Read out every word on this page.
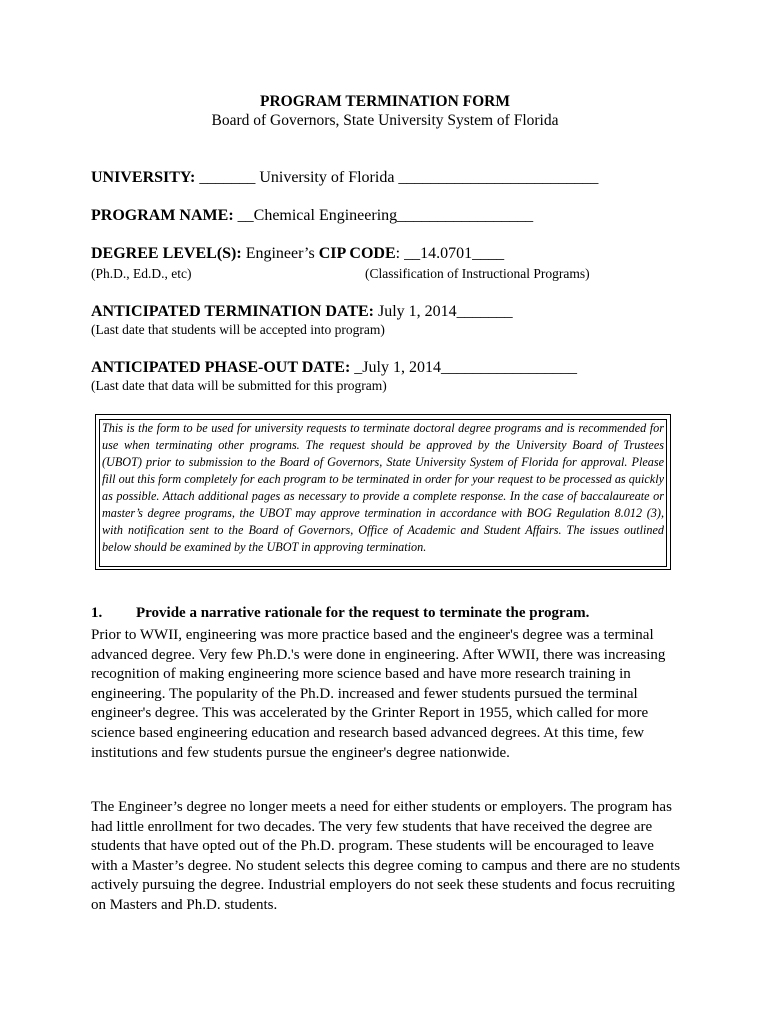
PROGRAM TERMINATION FORM
Board of Governors, State University System of Florida
UNIVERSITY: _______ University of Florida _________________________
PROGRAM NAME: __Chemical Engineering_________________
DEGREE LEVEL(S): Engineer’s CIP CODE: __14.0701____
(Ph.D., Ed.D., etc)	(Classification of Instructional Programs)
ANTICIPATED TERMINATION DATE: July 1, 2014_______
(Last date that students will be accepted into program)
ANTICIPATED PHASE-OUT DATE: _July 1, 2014_________________
(Last date that data will be submitted for this program)
This is the form to be used for university requests to terminate doctoral degree programs and is recommended for use when terminating other programs. The request should be approved by the University Board of Trustees (UBOT) prior to submission to the Board of Governors, State University System of Florida for approval. Please fill out this form completely for each program to be terminated in order for your request to be processed as quickly as possible. Attach additional pages as necessary to provide a complete response. In the case of baccalaureate or master’s degree programs, the UBOT may approve termination in accordance with BOG Regulation 8.012 (3), with notification sent to the Board of Governors, Office of Academic and Student Affairs. The issues outlined below should be examined by the UBOT in approving termination.
1. Provide a narrative rationale for the request to terminate the program.
Prior to WWII, engineering was more practice based and the engineer's degree was a terminal advanced degree. Very few Ph.D.'s were done in engineering. After WWII, there was increasing recognition of making engineering more science based and have more research training in engineering. The popularity of the Ph.D. increased and fewer students pursued the terminal engineer's degree. This was accelerated by the Grinter Report in 1955, which called for more science based engineering education and research based advanced degrees. At this time, few institutions and few students pursue the engineer's degree nationwide.
The Engineer’s degree no longer meets a need for either students or employers. The program has had little enrollment for two decades. The very few students that have received the degree are students that have opted out of the Ph.D. program. These students will be encouraged to leave with a Master’s degree. No student selects this degree coming to campus and there are no students actively pursuing the degree. Industrial employers do not seek these students and focus recruiting on Masters and Ph.D. students.
